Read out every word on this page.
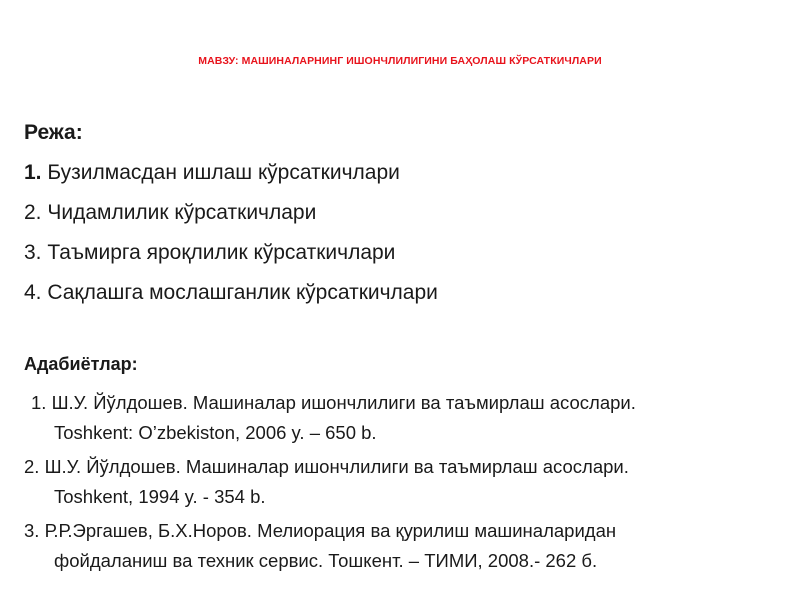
МАВЗУ: МАШИНАЛАРНИНГ ИШОНЧЛИЛИГИНИ БАҲОЛАШ КЎРСАТКИЧЛАРИ
Режа:
1. Бузилмасдан ишлаш кўрсаткичлари
2. Чидамлилик кўрсаткичлари
3. Таъмирга яроқлилик кўрсаткичлари
4. Сақлашга мослашганлик кўрсаткичлари
Адабиётлар:
1. Ш.У. Йўлдошев. Машиналар ишончлилиги ва таъмирлаш асослари.
Toshkent: O’zbekiston, 2006 y. – 650 b.
2. Ш.У. Йўлдошев. Машиналар ишончлилиги ва таъмирлаш асослари.
Toshkent, 1994 y. - 354 b.
3. Р.Р.Эргашев, Б.Х.Норов. Мелиорация ва қурилиш машиналаридан
фойдаланиш ва техник сервис. Тошкент. – ТИМИ, 2008.- 262 б.
